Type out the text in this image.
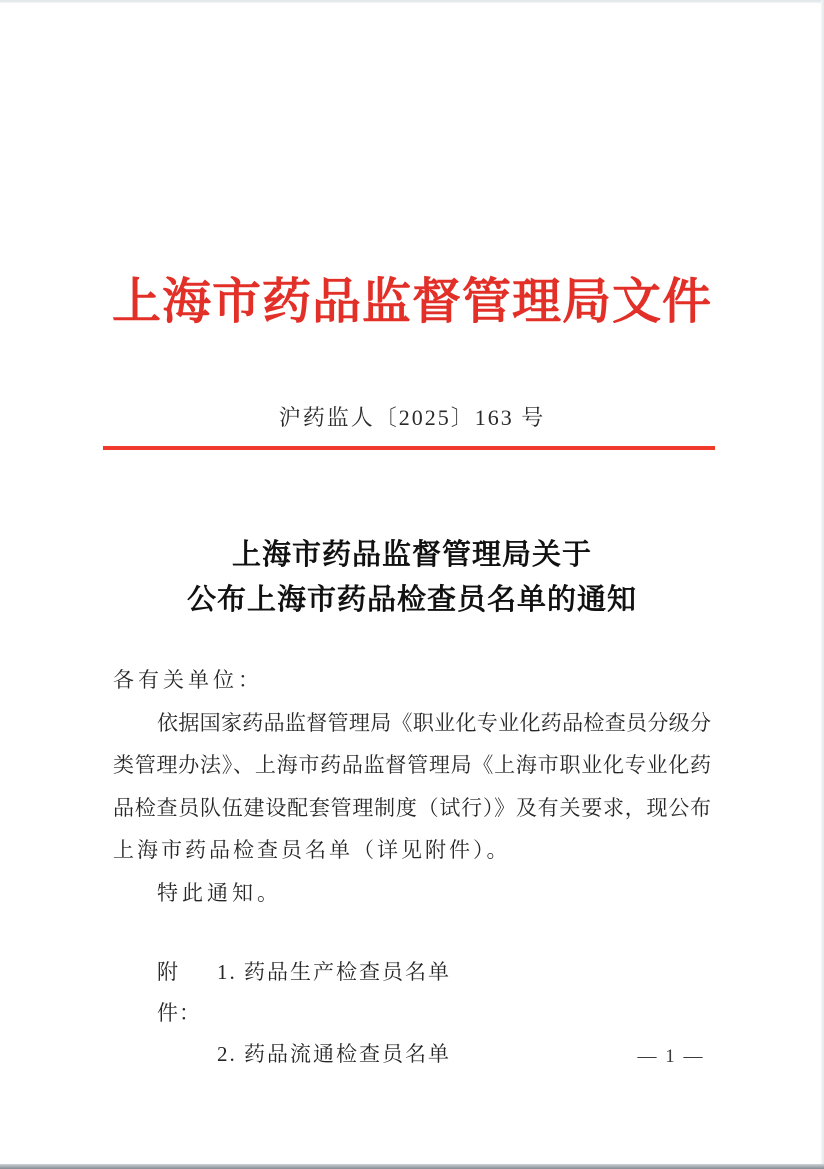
上海市药品监督管理局文件
沪药监人〔2025〕163 号
上海市药品监督管理局关于
公布上海市药品检查员名单的通知
各有关单位：
依据国家药品监督管理局《职业化专业化药品检查员分级分
类管理办法》、上海市药品监督管理局《上海市职业化专业化药
品检查员队伍建设配套管理制度（试行）》及有关要求，现公布
上海市药品检查员名单（详见附件）。
特此通知。
附件：
1. 药品生产检查员名单
2. 药品流通检查员名单	— 1 —
